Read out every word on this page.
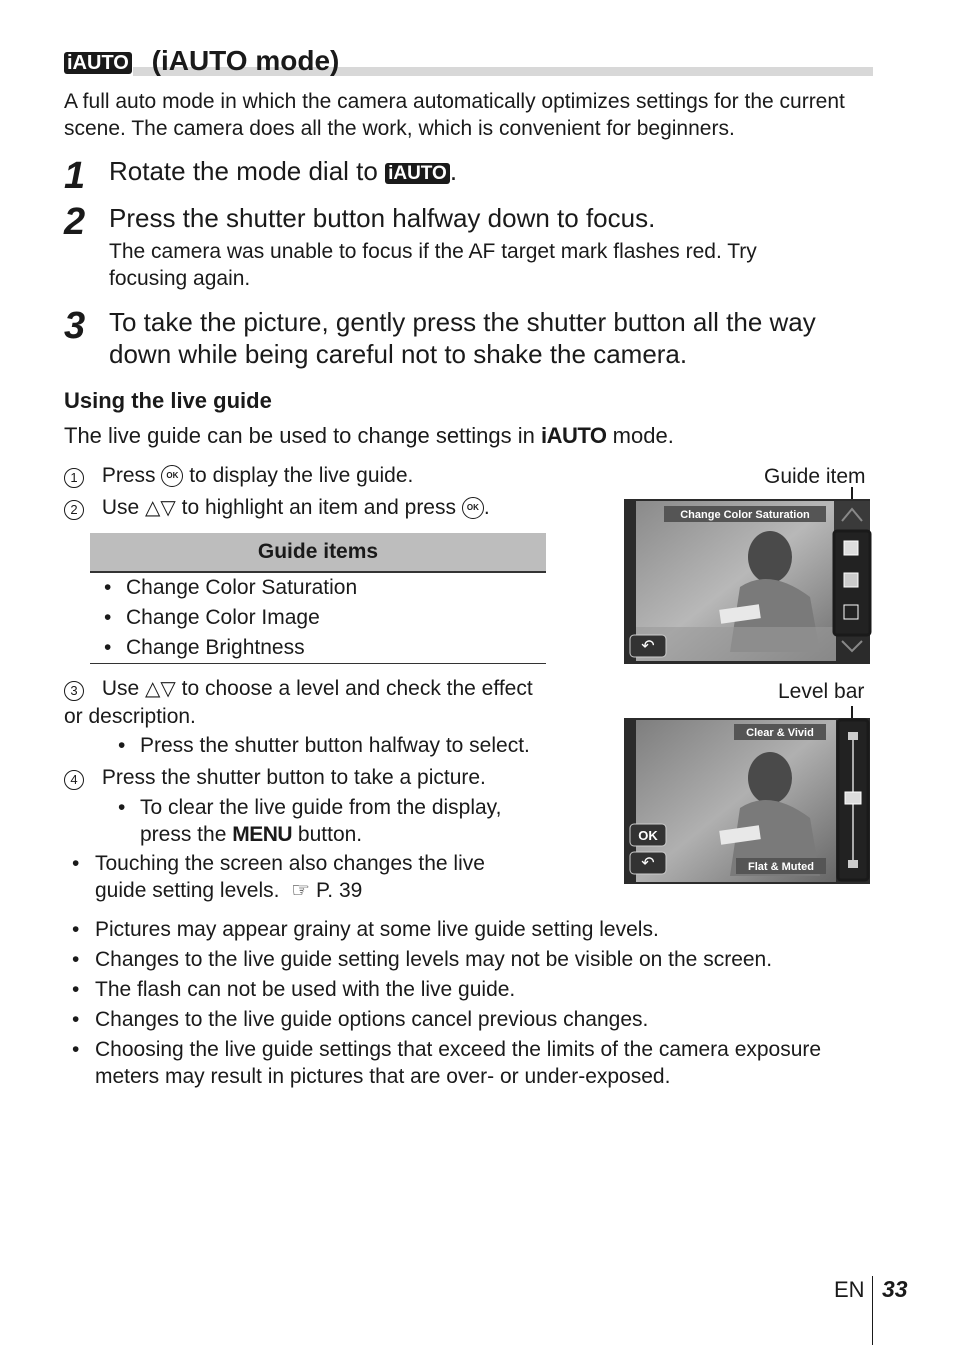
iAUTO (iAUTO mode)
A full auto mode in which the camera automatically optimizes settings for the current scene. The camera does all the work, which is convenient for beginners.
1 Rotate the mode dial to iAUTO .
2 Press the shutter button halfway down to focus.
The camera was unable to focus if the AF target mark flashes red. Try focusing again.
3 To take the picture, gently press the shutter button all the way down while being careful not to shake the camera.
Using the live guide
The live guide can be used to change settings in iAUTO mode.
1 Press OK to display the live guide.
2 Use △▽ to highlight an item and press OK .
Guide items
• Change Color Saturation
• Change Color Image
• Change Brightness
3 Use △▽ to choose a level and check the effect or description.
• Press the shutter button halfway to select.
4 Press the shutter button to take a picture.
• To clear the live guide from the display, press the MENU button.
• Touching the screen also changes the live guide setting levels. ☞ P. 39
Guide item
Change Color Saturation
↶
Level bar
Clear & Vivid
Flat & Muted
OK
↶
• Pictures may appear grainy at some live guide setting levels.
• Changes to the live guide setting levels may not be visible on the screen.
• The flash can not be used with the live guide.
• Changes to the live guide options cancel previous changes.
• Choosing the live guide settings that exceed the limits of the camera exposure meters may result in pictures that are over- or under-exposed.
EN 33
